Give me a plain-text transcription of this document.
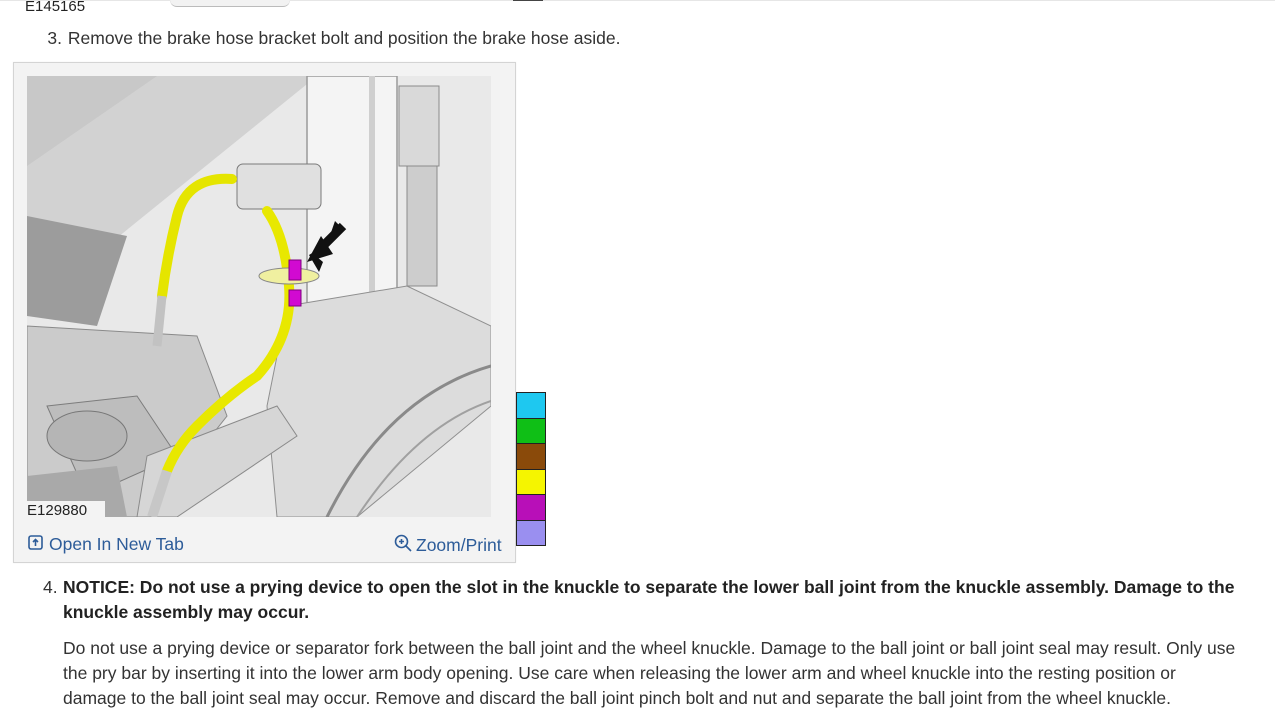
E145165
3. Remove the brake hose bracket bolt and position the brake hose aside.
E129880
Open In New Tab	Zoom/Print
4. NOTICE: Do not use a prying device to open the slot in the knuckle to separate the lower ball joint from the knuckle assembly. Damage to the knuckle assembly may occur.
Do not use a prying device or separator fork between the ball joint and the wheel knuckle. Damage to the ball joint or ball joint seal may result. Only use the pry bar by inserting it into the lower arm body opening. Use care when releasing the lower arm and wheel knuckle into the resting position or damage to the ball joint seal may occur. Remove and discard the ball joint pinch bolt and nut and separate the ball joint from the wheel knuckle.
